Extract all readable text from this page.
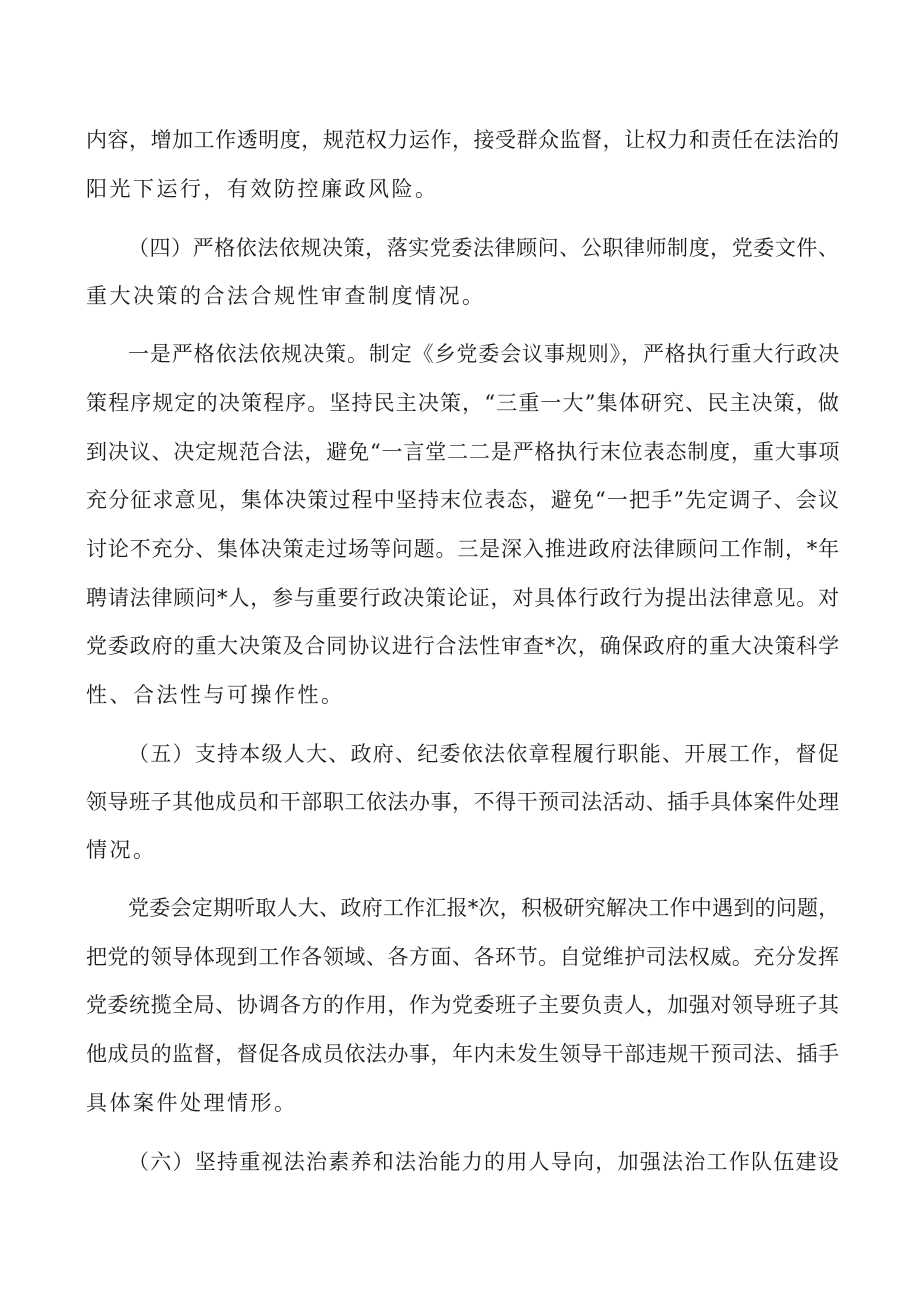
内容，增加工作透明度，规范权力运作，接受群众监督，让权力和责任在法治的
阳光下运行，有效防控廉政风险。
（四）严格依法依规决策，落实党委法律顾问、公职律师制度，党委文件、
重大决策的合法合规性审查制度情况。
一是严格依法依规决策。制定《乡党委会议事规则》，严格执行重大行政决
策程序规定的决策程序。坚持民主决策，“三重一大”集体研究、民主决策，做
到决议、决定规范合法，避免“一言堂二二是严格执行末位表态制度，重大事项
充分征求意见，集体决策过程中坚持末位表态，避免“一把手”先定调子、会议
讨论不充分、集体决策走过场等问题。三是深入推进政府法律顾问工作制，*年
聘请法律顾问*人，参与重要行政决策论证，对具体行政行为提出法律意见。对
党委政府的重大决策及合同协议进行合法性审查*次，确保政府的重大决策科学
性、合法性与可操作性。
（五）支持本级人大、政府、纪委依法依章程履行职能、开展工作，督促
领导班子其他成员和干部职工依法办事，不得干预司法活动、插手具体案件处理
情况。
党委会定期听取人大、政府工作汇报*次，积极研究解决工作中遇到的问题，
把党的领导体现到工作各领域、各方面、各环节。自觉维护司法权威。充分发挥
党委统揽全局、协调各方的作用，作为党委班子主要负责人，加强对领导班子其
他成员的监督，督促各成员依法办事，年内未发生领导干部违规干预司法、插手
具体案件处理情形。
（六）坚持重视法治素养和法治能力的用人导向，加强法治工作队伍建设
